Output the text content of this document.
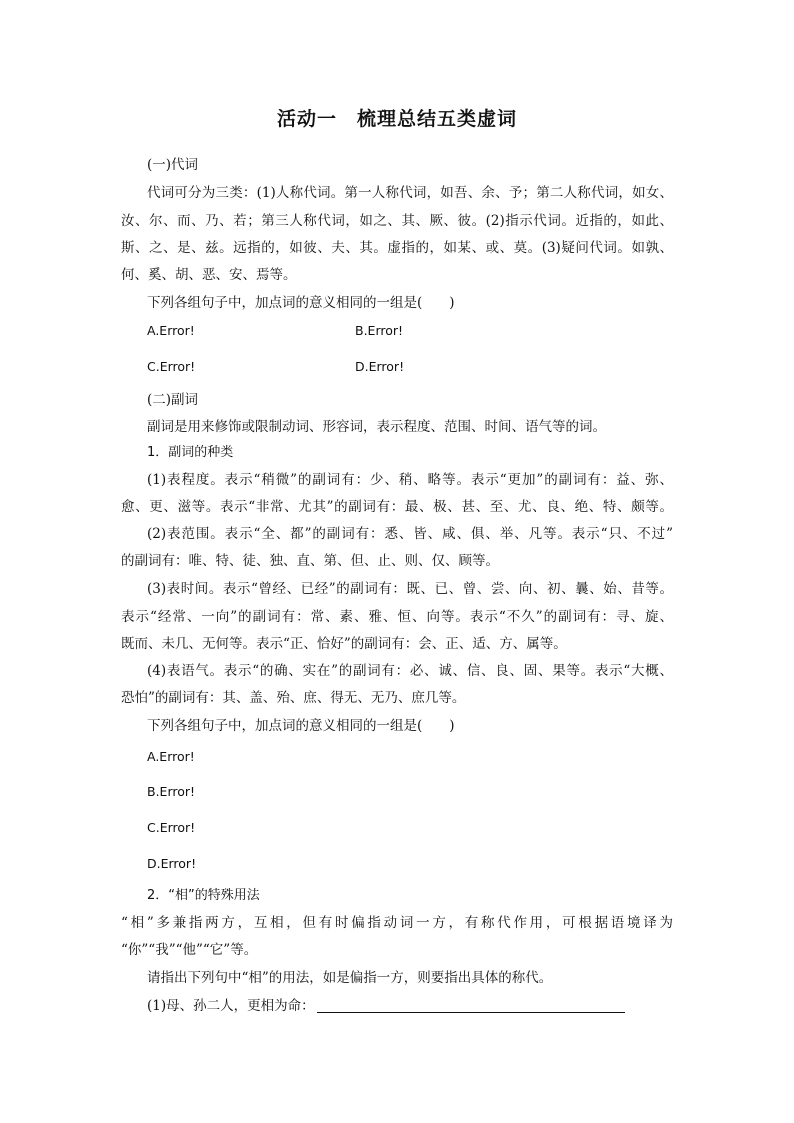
活动一　梳理总结五类虚词
(一)代词
代词可分为三类：(1)人称代词。第一人称代词，如吾、余、予；第二人称代词，如女、
汝、尔、而、乃、若；第三人称代词，如之、其、厥、彼。(2)指示代词。近指的，如此、
斯、之、是、兹。远指的，如彼、夫、其。虚指的，如某、或、莫。(3)疑问代词。如孰、
何、奚、胡、恶、安、焉等。
下列各组句子中，加点词的意义相同的一组是(　　)
A.Error!	B.Error!
C.Error!	D.Error!
(二)副词
副词是用来修饰或限制动词、形容词，表示程度、范围、时间、语气等的词。
1．副词的种类
(1)表程度。表示“稍微”的副词有：少、稍、略等。表示“更加”的副词有：益、弥、
愈、更、滋等。表示“非常、尤其”的副词有：最、极、甚、至、尤、良、绝、特、颇等。
(2)表范围。表示“全、都”的副词有：悉、皆、咸、俱、举、凡等。表示“只、不过”
的副词有：唯、特、徒、独、直、第、但、止、则、仅、顾等。
(3)表时间。表示“曾经、已经”的副词有：既、已、曾、尝、向、初、曩、始、昔等。
表示“经常、一向”的副词有：常、素、雅、恒、向等。表示“不久”的副词有：寻、旋、
既而、未几、无何等。表示“正、恰好”的副词有：会、正、适、方、属等。
(4)表语气。表示“的确、实在”的副词有：必、诚、信、良、固、果等。表示“大概、
恐怕”的副词有：其、盖、殆、庶、得无、无乃、庶几等。
下列各组句子中，加点词的意义相同的一组是(　　)
A.Error!
B.Error!
C.Error!
D.Error!
2．“相”的特殊用法
“相”多兼指两方，互相，但有时偏指动词一方，有称代作用，可根据语境译为
“你”“我”“他”“它”等。
请指出下列句中“相”的用法，如是偏指一方，则要指出具体的称代。
(1)母、孙二人，更相为命：
